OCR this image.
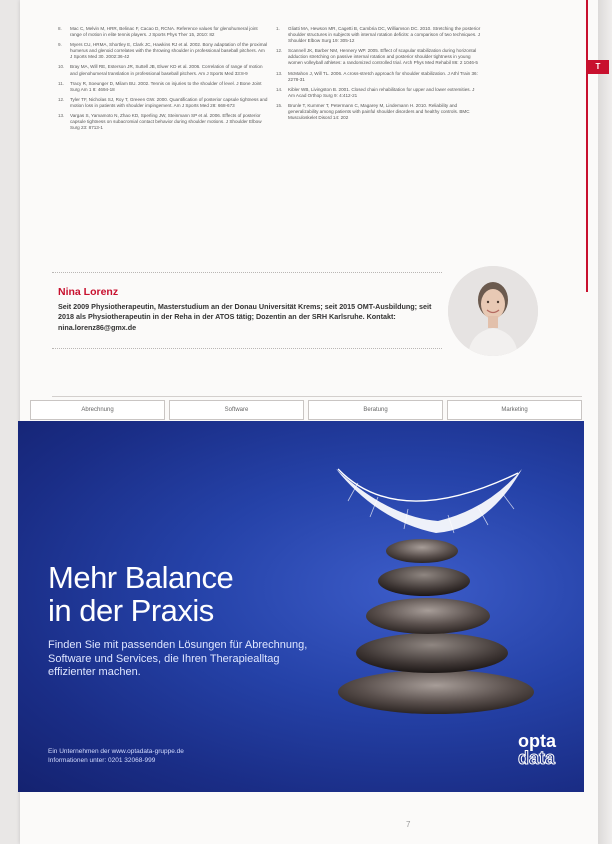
T
8.	Mac C, Melvin M, HRR, Belinac F, Cacao D, RCNA. Reference values for glenohumeral joint range of motion in elite tennis players. J Sports Phys Ther 15, 2010: 82
9.	Myers CU, HRMA, Shortley E, Clark JC, Hawkins RJ et al. 2002. Bony adaptation of the proximal humerus and glenoid correlates with the throwing shoulder in professional baseball pitchers. Am J Sports Med 30. 2002:36-42
10.	Bray MA, Will RE, Esterson JR, Suttell JB, Elwer KD et al. 2006. Correlation of range of motion and glenohumeral translation in professional baseball pitchers. Am J Sports Med 33:8-9
11.	Tracy R, Soeunger D, Milam BU. 2002. Tennis on injuries to the shoulder of level. J Bone Joint Surg Am 1 8: 4694-18
12.	Tyler TF, Nicholas SJ, Roy T, Greeen GW. 2000. Quantification of posterior capsule tightness and motion loss in patients with shoulder impingement. Am J Sports Med 28: 668-673
13.	Vargas S, Yamamoto N, Zhao KD, Sperling JW, Steinmann SP et al. 2006. Effects of posterior capsule tightness on subacromial contact behavior during shoulder motions. J Shoulder Elbow Surg 23: 8713-1
1.	Gliatti MA, Hewson MR, Cagetti B, Cambria DC, Williamson DC. 2010. Stretching the posterior shoulder structures in subjects with internal rotation deficits: a comparison of two techniques. J Shoulder Elbow Surg 19: 305-12
12.	Scannell JK, Barber NM, Hennery WP. 2005. Effect of scapular stabilization during horizontal adduction stretching on passive internal rotation and posterior shoulder tightness in young women volleyball athletes: a randomized controlled trial. Arch Phys Med Rehabil 86: 2 1046-5
13.	McMahon J, Will TL. 2006. A cross-stretch approach for shoulder stabilization. J Athl Train 36: 2278-31
14.	Kibler WB, Livingston B. 2001. Closed chain rehabilitation for upper and lower extremities. J Am Acad Orthop Surg 9: 4:412-21
15.	Brunle T, Kummer T, Petermann C, Magarey M, Lindemann H. 2010. Reliability and generalizability among patients with painful shoulder disorders and healthy controls. BMC Musculoskelet Disord 14: 202
Nina Lorenz
Seit 2009 Physiotherapeutin, Masterstudium an der Donau Universität Krems; seit 2015 OMT-Ausbildung; seit 2018 als Physiotherapeutin in der Reha in der ATOS tätig; Dozentin an der SRH Karlsruhe. Kontakt: nina.lorenz86@gmx.de
Abrechnung	Software	Beratung	Marketing
Mehr Balance
in der Praxis
Finden Sie mit passenden Lösungen für Abrechnung, Software und Services, die Ihren Therapiealltag effizienter machen.
Ein Unternehmen der www.optadata-gruppe.de
Informationen unter: 0201 32068-999
opta
data
7
